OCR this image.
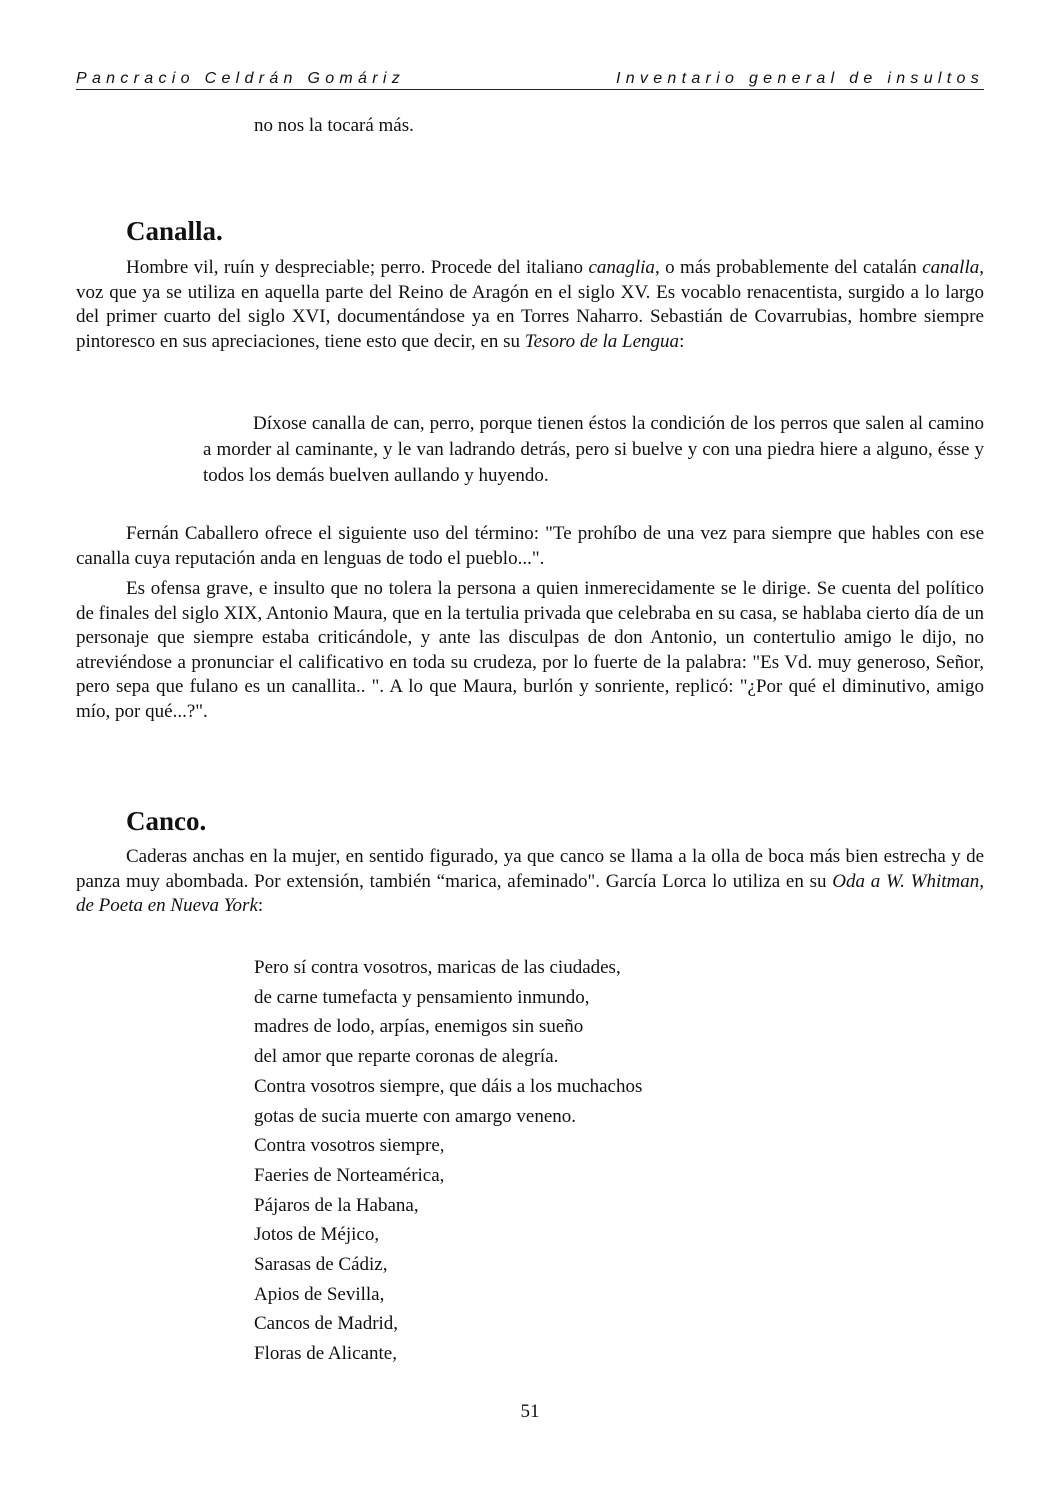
Pancracio Celdrán Gomáriz	Inventario general de insultos
no nos la tocará más.
Canalla.

Hombre vil, ruín y despreciable; perro. Procede del italiano canaglia, o más probablemente del catalán canalla, voz que ya se utiliza en aquella parte del Reino de Aragón en el siglo XV. Es vocablo renacentista, surgido a lo largo del primer cuarto del siglo XVI, documentándose ya en Torres Naharro. Sebastián de Covarrubias, hombre siempre pintoresco en sus apreciaciones, tiene esto que decir, en su Tesoro de la Lengua:

Díxose canalla de can, perro, porque tienen éstos la condición de los perros que salen al camino a morder al caminante, y le van ladrando detrás, pero si buelve y con una piedra hiere a alguno, ésse y todos los demás buelven aullando y huyendo.

Fernán Caballero ofrece el siguiente uso del término: "Te prohíbo de una vez para siempre que hables con ese canalla cuya reputación anda en lenguas de todo el pueblo...".

Es ofensa grave, e insulto que no tolera la persona a quien inmerecidamente se le dirige. Se cuenta del político de finales del siglo XIX, Antonio Maura, que en la tertulia privada que celebraba en su casa, se hablaba cierto día de un personaje que siempre estaba criticándole, y ante las disculpas de don Antonio, un contertulio amigo le dijo, no atreviéndose a pronunciar el calificativo en toda su crudeza, por lo fuerte de la palabra: "Es Vd. muy generoso, Señor, pero sepa que fulano es un canallita.. ". A lo que Maura, burlón y sonriente, replicó: "¿Por qué el diminutivo, amigo mío, por qué...?".

Canco.

Caderas anchas en la mujer, en sentido figurado, ya que canco se llama a la olla de boca más bien estrecha y de panza muy abombada. Por extensión, también “marica, afeminado". García Lorca lo utiliza en su Oda a W. Whitman, de Poeta en Nueva York:

Pero sí contra vosotros, maricas de las ciudades,
de carne tumefacta y pensamiento inmundo,
madres de lodo, arpías, enemigos sin sueño
del amor que reparte coronas de alegría.
Contra vosotros siempre, que dáis a los muchachos
gotas de sucia muerte con amargo veneno.
Contra vosotros siempre,
Faeries de Norteamérica,
Pájaros de la Habana,
Jotos de Méjico,
Sarasas de Cádiz,
Apios de Sevilla,
Cancos de Madrid,
Floras de Alicante,
51
